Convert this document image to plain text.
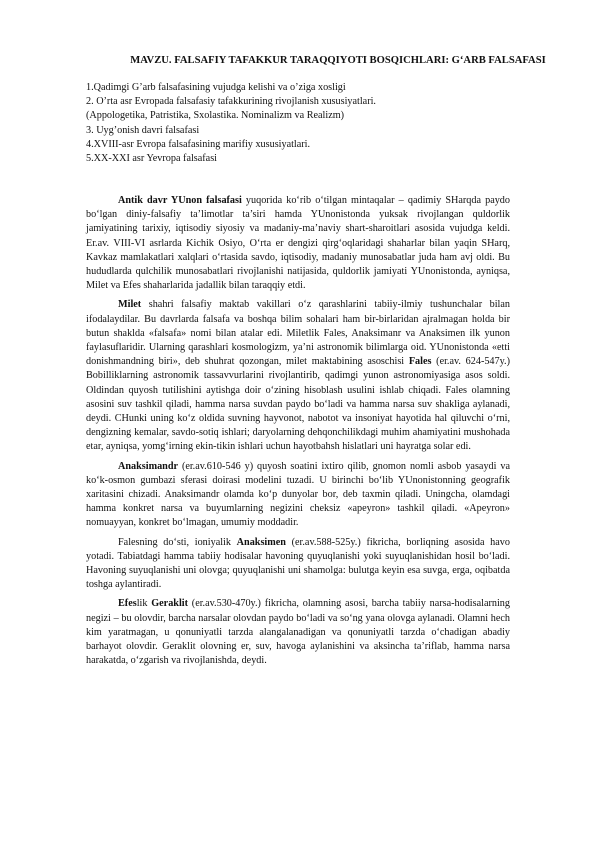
MAVZU. FALSAFIY TAFAKKUR TARAQQIYOTI BOSQICHLARI: G‘ARB FALSAFASI
1.Qadimgi G’arb falsafasining vujudga kelishi va o’ziga xosligi
2. O’rta asr Evropada falsafasiy tafakkurining rivojlanish xususiyatlari.
(Appologetika, Patristika, Sxolastika. Nominalizm va Realizm)
3. Uyg’onish davri falsafasi
4.XVIII-asr Evropa falsafasining marifiy xususiyatlari.
5.XX-XXI asr Yevropa falsafasi

Antik davr YUnon falsafasi yuqorida ko‘rib o‘tilgan mintaqalar – qadimiy SHarqda paydo bo‘lgan diniy-falsafiy ta’limotlar ta’siri hamda YUnonistonda yuksak rivojlangan quldorlik jamiyatining tarixiy, iqtisodiy siyosiy va madaniy-ma’naviy shart-sharoitlari asosida vujudga keldi. Er.av. VIII-VI asrlarda Kichik Osiyo, O‘rta er dengizi qirg‘oqlaridagi shaharlar bilan yaqin SHarq, Kavkaz mamlakatlari xalqlari o‘rtasida savdo, iqtisodiy, madaniy munosabatlar juda ham avj oldi. Bu hududlarda qulchilik munosabatlari rivojlanishi natijasida, quldorlik jamiyati YUnonistonda, ayniqsa, Milet va Efes shaharlarida jadallik bilan taraqqiy etdi.

Milet shahri falsafiy maktab vakillari o‘z qarashlarini tabiiy-ilmiy tushunchalar bilan ifodalaydilar. Bu davrlarda falsafa va boshqa bilim sohalari ham bir-birlaridan ajralmagan holda bir butun shaklda «falsafa» nomi bilan atalar edi. Miletlik Fales, Anaksimanr va Anaksimen ilk yunon faylasuflaridir. Ularning qarashlari kosmologizm, ya’ni astronomik bilimlarga oid. YUnonistonda «etti donishmandning biri», deb shuhrat qozongan, milet maktabining asoschisi Fales (er.av. 624-547y.) Bobilliklarning astronomik tassavvurlarini rivojlantirib, qadimgi yunon astronomiyasiga asos soldi. Oldindan quyosh tutilishini aytishga doir o‘zining hisoblash usulini ishlab chiqadi. Fales olamning asosini suv tashkil qiladi, hamma narsa suvdan paydo bo‘ladi va hamma narsa suv shakliga aylanadi, deydi. CHunki uning ko‘z oldida suvning hayvonot, nabotot va insoniyat hayotida hal qiluvchi o‘rni, dengizning kemalar, savdo-sotiq ishlari; daryolarning dehqonchilikdagi muhim ahamiyatini mushohada etar, ayniqsa, yomg‘irning ekin-tikin ishlari uchun hayotbahsh hislatlari uni hayratga solar edi.

Anaksimandr (er.av.610-546 y) quyosh soatini ixtiro qilib, gnomon nomli asbob yasaydi va ko‘k-osmon gumbazi sferasi doirasi modelini tuzadi. U birinchi bo‘lib YUnonistonning geografik xaritasini chizadi. Anaksimandr olamda ko‘p dunyolar bor, deb taxmin qiladi. Uningcha, olamdagi hamma konkret narsa va buyumlarning negizini cheksiz «apeyron» tashkil qiladi. «Apeyron» nomuayyan, konkret bo‘lmagan, umumiy moddadir.

Falesning do‘sti, ioniyalik Anaksimen (er.av.588-525y.) fikricha, borliqning asosida havo yotadi. Tabiatdagi hamma tabiiy hodisalar havoning quyuqlanishi yoki suyuqlanishidan hosil bo‘ladi. Havoning suyuqlanishi uni olovga; quyuqlanishi uni shamolga: bulutga keyin esa suvga, erga, oqibatda toshga aylantiradi.

Efeslik Geraklit (er.av.530-470y.) fikricha, olamning asosi, barcha tabiiy narsa-hodisalarning negizi – bu olovdir, barcha narsalar olovdan paydo bo‘ladi va so‘ng yana olovga aylanadi. Olamni hech kim yaratmagan, u qonuniyatli tarzda alangalanadigan va qonuniyatli tarzda o‘chadigan abadiy barhayot olovdir. Geraklit olovning er, suv, havoga aylanishini va aksincha ta’riflab, hamma narsa harakatda, o‘zgarish va rivojlanishda, deydi.
